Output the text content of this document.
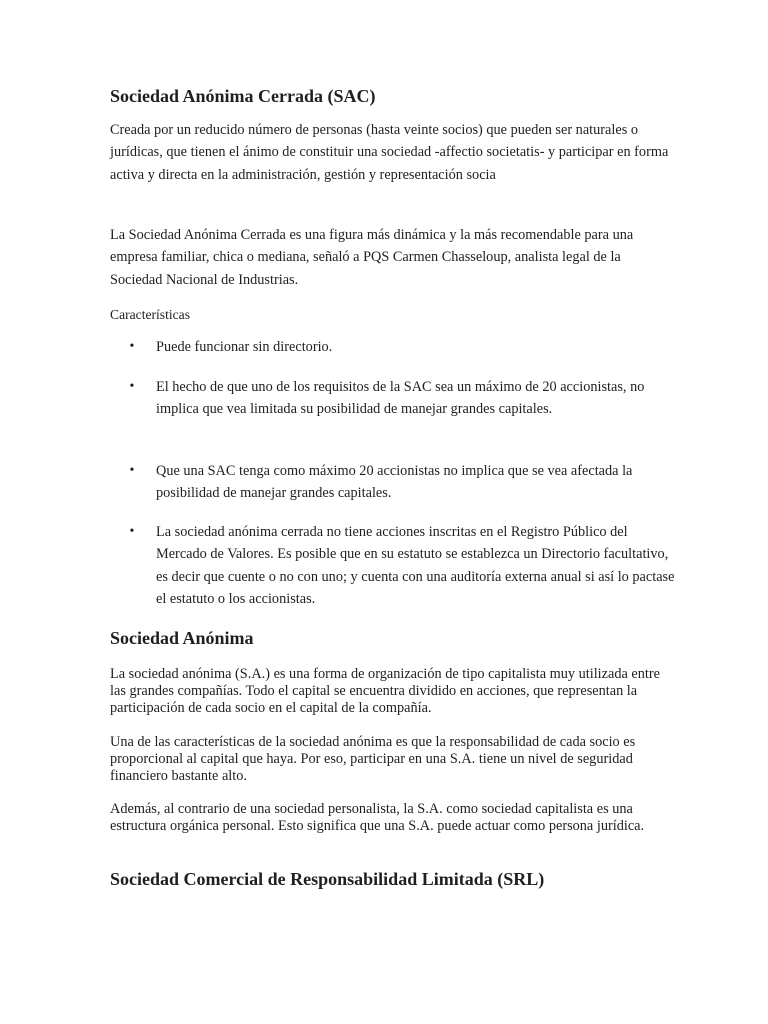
Sociedad Anónima Cerrada (SAC)

Creada por un reducido número de personas (hasta veinte socios) que pueden ser naturales o jurídicas, que tienen el ánimo de constituir una sociedad -affectio societatis- y participar en forma activa y directa en la administración, gestión y representación socia

La Sociedad Anónima Cerrada es una figura más dinámica y la más recomendable para una empresa familiar, chica o mediana, señaló a PQS Carmen Chasseloup, analista legal de la Sociedad Nacional de Industrias.

Características

• Puede funcionar sin directorio.

• El hecho de que uno de los requisitos de la SAC sea un máximo de 20 accionistas, no implica que vea limitada su posibilidad de manejar grandes capitales.

• Que una SAC tenga como máximo 20 accionistas no implica que se vea afectada la posibilidad de manejar grandes capitales.

• La sociedad anónima cerrada no tiene acciones inscritas en el Registro Público del Mercado de Valores. Es posible que en su estatuto se establezca un Directorio facultativo, es decir que cuente o no con uno; y cuenta con una auditoría externa anual si así lo pactase el estatuto o los accionistas.

Sociedad Anónima

La sociedad anónima (S.A.) es una forma de organización de tipo capitalista muy utilizada entre las grandes compañías. Todo el capital se encuentra dividido en acciones, que representan la participación de cada socio en el capital de la compañía.

Una de las características de la sociedad anónima es que la responsabilidad de cada socio es proporcional al capital que haya. Por eso, participar en una S.A. tiene un nivel de seguridad financiero bastante alto.

Además, al contrario de una sociedad personalista, la S.A. como sociedad capitalista es una estructura orgánica personal. Esto significa que una S.A. puede actuar como persona jurídica.

Sociedad Comercial de Responsabilidad Limitada (SRL)
